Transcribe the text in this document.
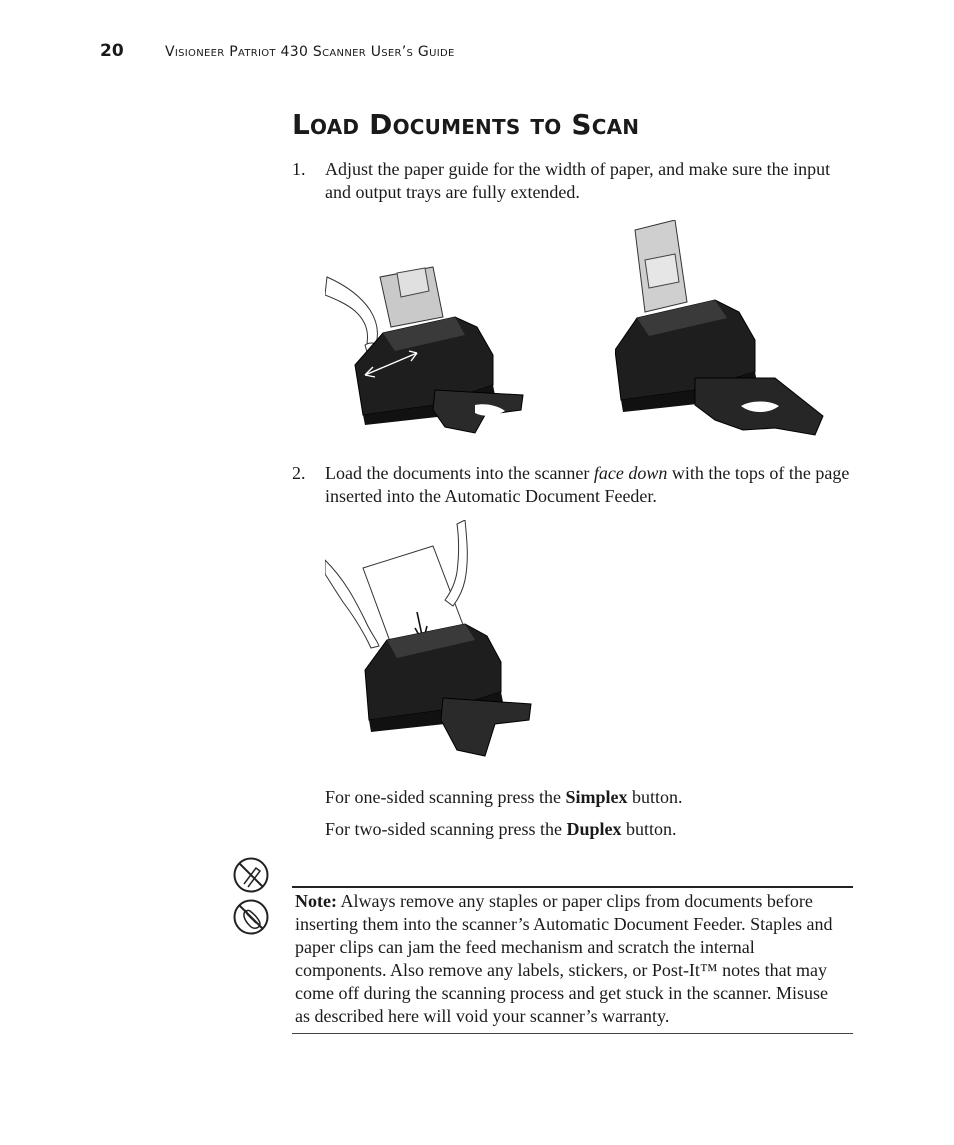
20	Visioneer Patriot 430 Scanner User’s Guide
Load Documents to Scan
1. Adjust the paper guide for the width of paper, and make sure the input and output trays are fully extended.
2. Load the documents into the scanner face down with the tops of the page inserted into the Automatic Document Feeder.
For one-sided scanning press the Simplex button.
For two-sided scanning press the Duplex button.
Note: Always remove any staples or paper clips from documents before inserting them into the scanner’s Automatic Document Feeder. Staples and paper clips can jam the feed mechanism and scratch the internal components. Also remove any labels, stickers, or Post-It™ notes that may come off during the scanning process and get stuck in the scanner. Misuse as described here will void your scanner’s warranty.
